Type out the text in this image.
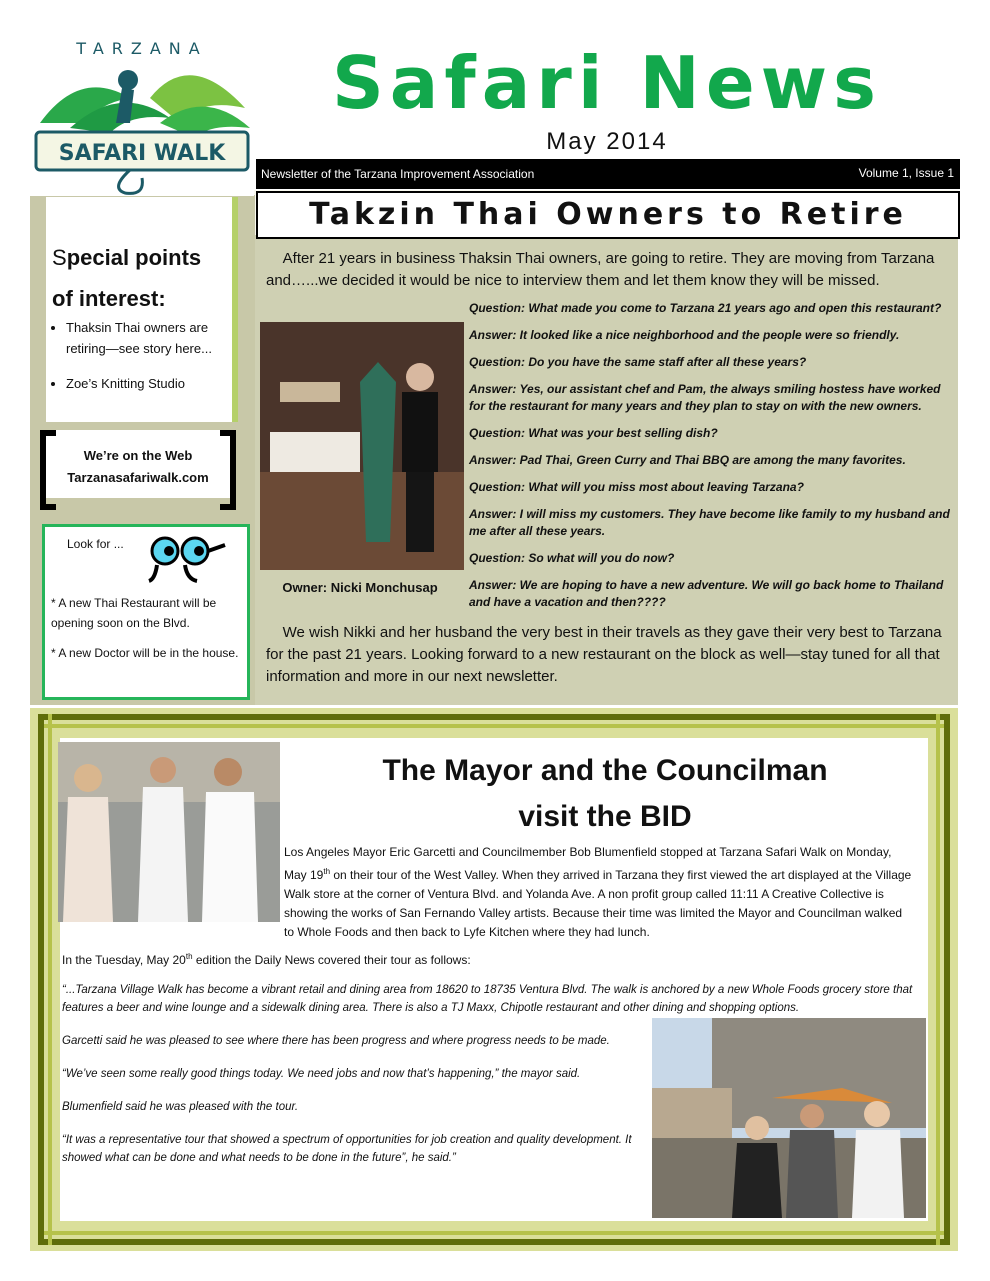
TARZANA
SAFARI WALK
Safari News
May 2014
Newsletter of the Tarzana Improvement Association	Volume 1, Issue 1
Takzin Thai Owners to Retire
Special points
of interest:
• Thaksin Thai owners are retiring—see story here...
• Zoe’s Knitting Studio
We’re on the Web
Tarzanasafariwalk.com
Look for ...
* A new Thai Restaurant will be opening soon on the Blvd.
* A new Doctor will be in the house.
After 21 years in business Thaksin Thai owners, are going to retire. They are moving from Tarzana and…...we decided it would be nice to interview them and let them know they will be missed.
Owner: Nicki Monchusap

Question: What made you come to Tarzana 21 years ago and open this restaurant?

Answer: It looked like a nice neighborhood and the people were so friendly.

Question: Do you have the same staff after all these years?

Answer: Yes, our assistant chef and Pam, the always smiling hostess have worked for the restaurant for many years and they plan to stay on with the new owners.

Question: What was your best selling dish?

Answer: Pad Thai, Green Curry and Thai BBQ are among the many favorites.

Question: What will you miss most about leaving Tarzana?

Answer: I will miss my customers. They have become like family to my husband and me after all these years.

Question: So what will you do now?

Answer: We are hoping to have a new adventure. We will go back home to Thailand and have a vacation and then????

We wish Nikki and her husband the very best in their travels as they gave their very best to Tarzana for the past 21 years. Looking forward to a new restaurant on the block as well—stay tuned for all that information and more in our next newsletter.
The Mayor and the Councilman
visit the BID
Los Angeles Mayor Eric Garcetti and Councilmember Bob Blumenfield stopped at Tarzana Safari Walk on Monday, May 19th on their tour of the West Valley. When they arrived in Tarzana they first viewed the art displayed at the Village Walk store at the corner of Ventura Blvd. and Yolanda Ave. A non profit group called 11:11 A Creative Collective is showing the works of San Fernando Valley artists. Because their time was limited the Mayor and Councilman walked to Whole Foods and then back to Lyfe Kitchen where they had lunch.
In the Tuesday, May 20th edition the Daily News covered their tour as follows:

“...Tarzana Village Walk has become a vibrant retail and dining area from 18620 to 18735 Ventura Blvd. The walk is anchored by a new Whole Foods grocery store that features a beer and wine lounge and a sidewalk dining area. There is also a TJ Maxx, Chipotle restaurant and other dining and shopping options.

Garcetti said he was pleased to see where there has been progress and where progress needs to be made.

“We’ve seen some really good things today. We need jobs and now that’s happening,” the mayor said.

Blumenfield said he was pleased with the tour.

“It was a representative tour that showed a spectrum of opportunities for job creation and quality development. It showed what can be done and what needs to be done in the future”, he said.”
